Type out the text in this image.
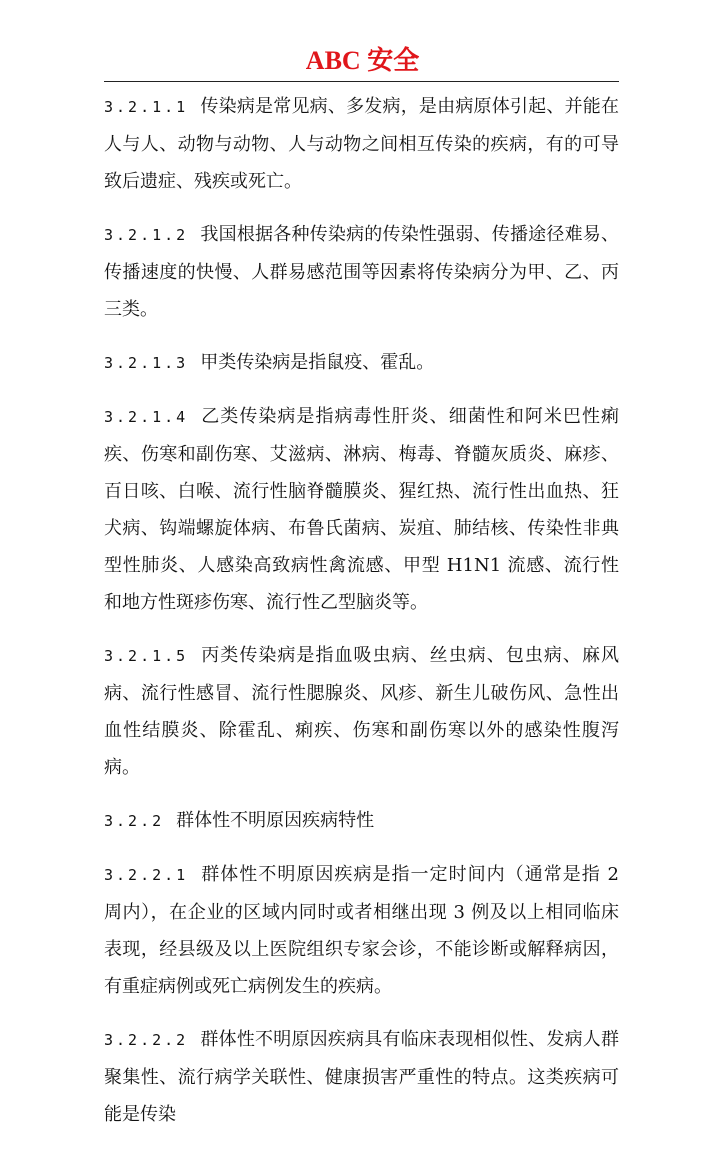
ABC 安全

3.2.1.1 传染病是常见病、多发病，是由病原体引起、并能在人与人、动物与动物、人与动物之间相互传染的疾病，有的可导致后遗症、残疾或死亡。

3.2.1.2 我国根据各种传染病的传染性强弱、传播途径难易、传播速度的快慢、人群易感范围等因素将传染病分为甲、乙、丙三类。

3.2.1.3 甲类传染病是指鼠疫、霍乱。

3.2.1.4 乙类传染病是指病毒性肝炎、细菌性和阿米巴性痢疾、伤寒和副伤寒、艾滋病、淋病、梅毒、脊髓灰质炎、麻疹、百日咳、白喉、流行性脑脊髓膜炎、猩红热、流行性出血热、狂犬病、钩端螺旋体病、布鲁氏菌病、炭疽、肺结核、传染性非典型性肺炎、人感染高致病性禽流感、甲型 H1N1 流感、流行性和地方性斑疹伤寒、流行性乙型脑炎等。

3.2.1.5 丙类传染病是指血吸虫病、丝虫病、包虫病、麻风病、流行性感冒、流行性腮腺炎、风疹、新生儿破伤风、急性出血性结膜炎、除霍乱、痢疾、伤寒和副伤寒以外的感染性腹泻病。

3.2.2 群体性不明原因疾病特性

3.2.2.1 群体性不明原因疾病是指一定时间内（通常是指 2 周内），在企业的区域内同时或者相继出现 3 例及以上相同临床表现，经县级及以上医院组织专家会诊，不能诊断或解释病因，有重症病例或死亡病例发生的疾病。

3.2.2.2 群体性不明原因疾病具有临床表现相似性、发病人群聚集性、流行病学关联性、健康损害严重性的特点。这类疾病可能是传染
